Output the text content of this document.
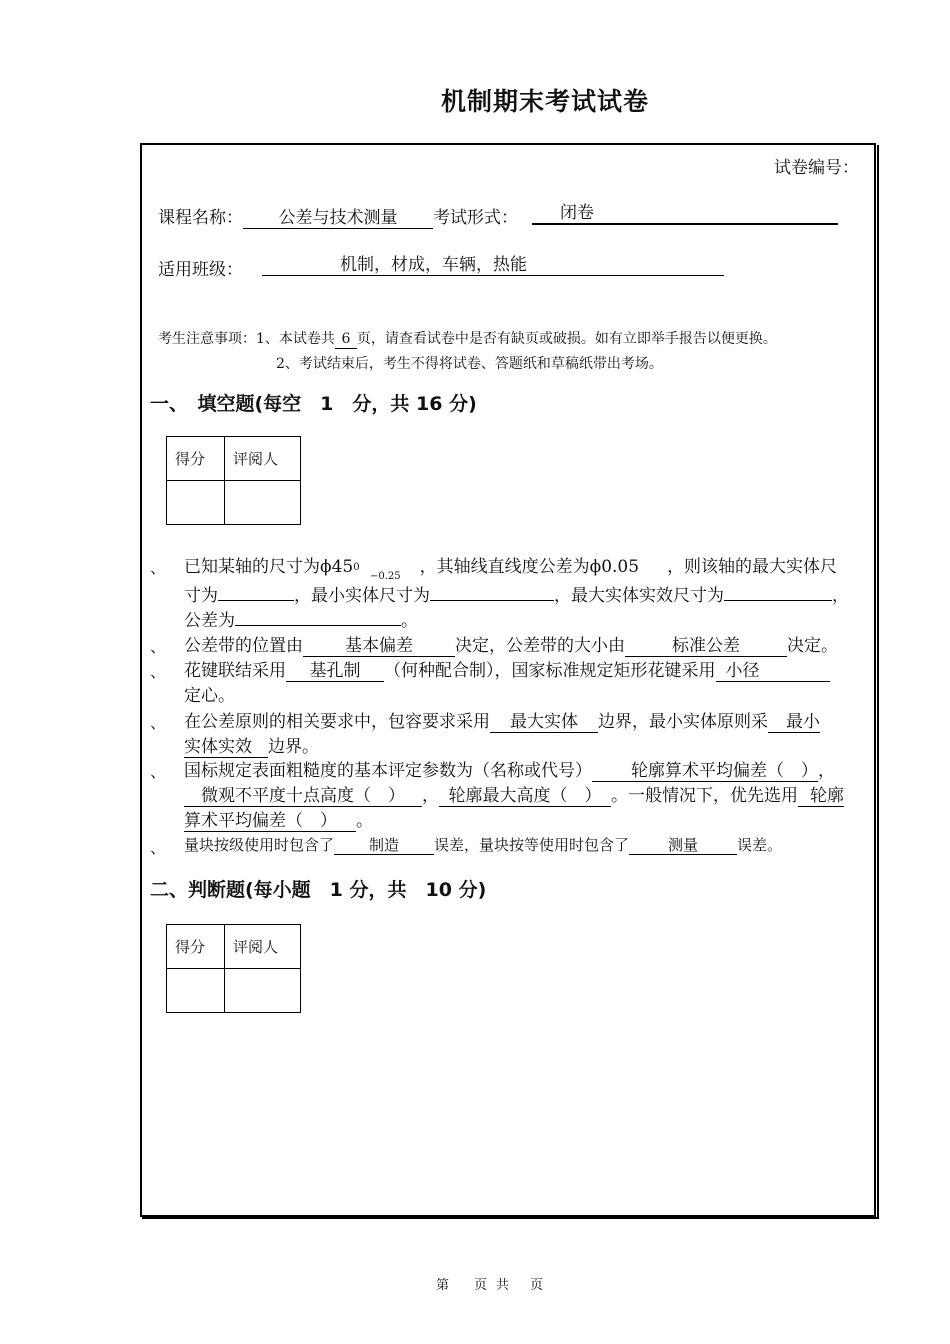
机制期末考试试卷
试卷编号：
课程名称： 公差与技术测量 考试形式：	闭卷
适用班级：	机制，材成，车辆，热能
考生注意事项：1、本试卷共 6 页，请查看试卷中是否有缺页或破损。如有立即举手报告以便更换。
2、考试结束后，考生不得将试卷、答题纸和草稿纸带出考场。
一、　填空题(每空　1　分，共 16 分)
得分	评阅人

、 已知某轴的尺寸为ϕ450	，其轴线直线度公差为ϕ0.05 ，则该轴的最大实体尺
−0.25
寸为	，最小实体尺寸为	，最大实体实效尺寸为	，
公差为	。
、 公差带的位置由 基本偏差 决定，公差带的大小由	标准公差	决定。
、 花键联结采用 基孔制 （何种配合制），国家标准规定矩形花键采用 小径
定心。
、 在公差原则的相关要求中，包容要求采用 最大实体 边界，最小实体原则采 最小
实体实效 边界。
、 国标规定表面粗糙度的基本评定参数为（名称或代号） 轮廓算术平均偏差（　），
微观不平度十点高度（　） ， 轮廓最大高度（　） 。一般情况下，优先选用 轮廓
算术平均偏差（　） 。
、 量块按级使用时包含了 制造 误差，量块按等使用时包含了	测量	误差。
二、判断题(每小题　1 分，共　10 分)
得分	评阅人

第 页 共 页
